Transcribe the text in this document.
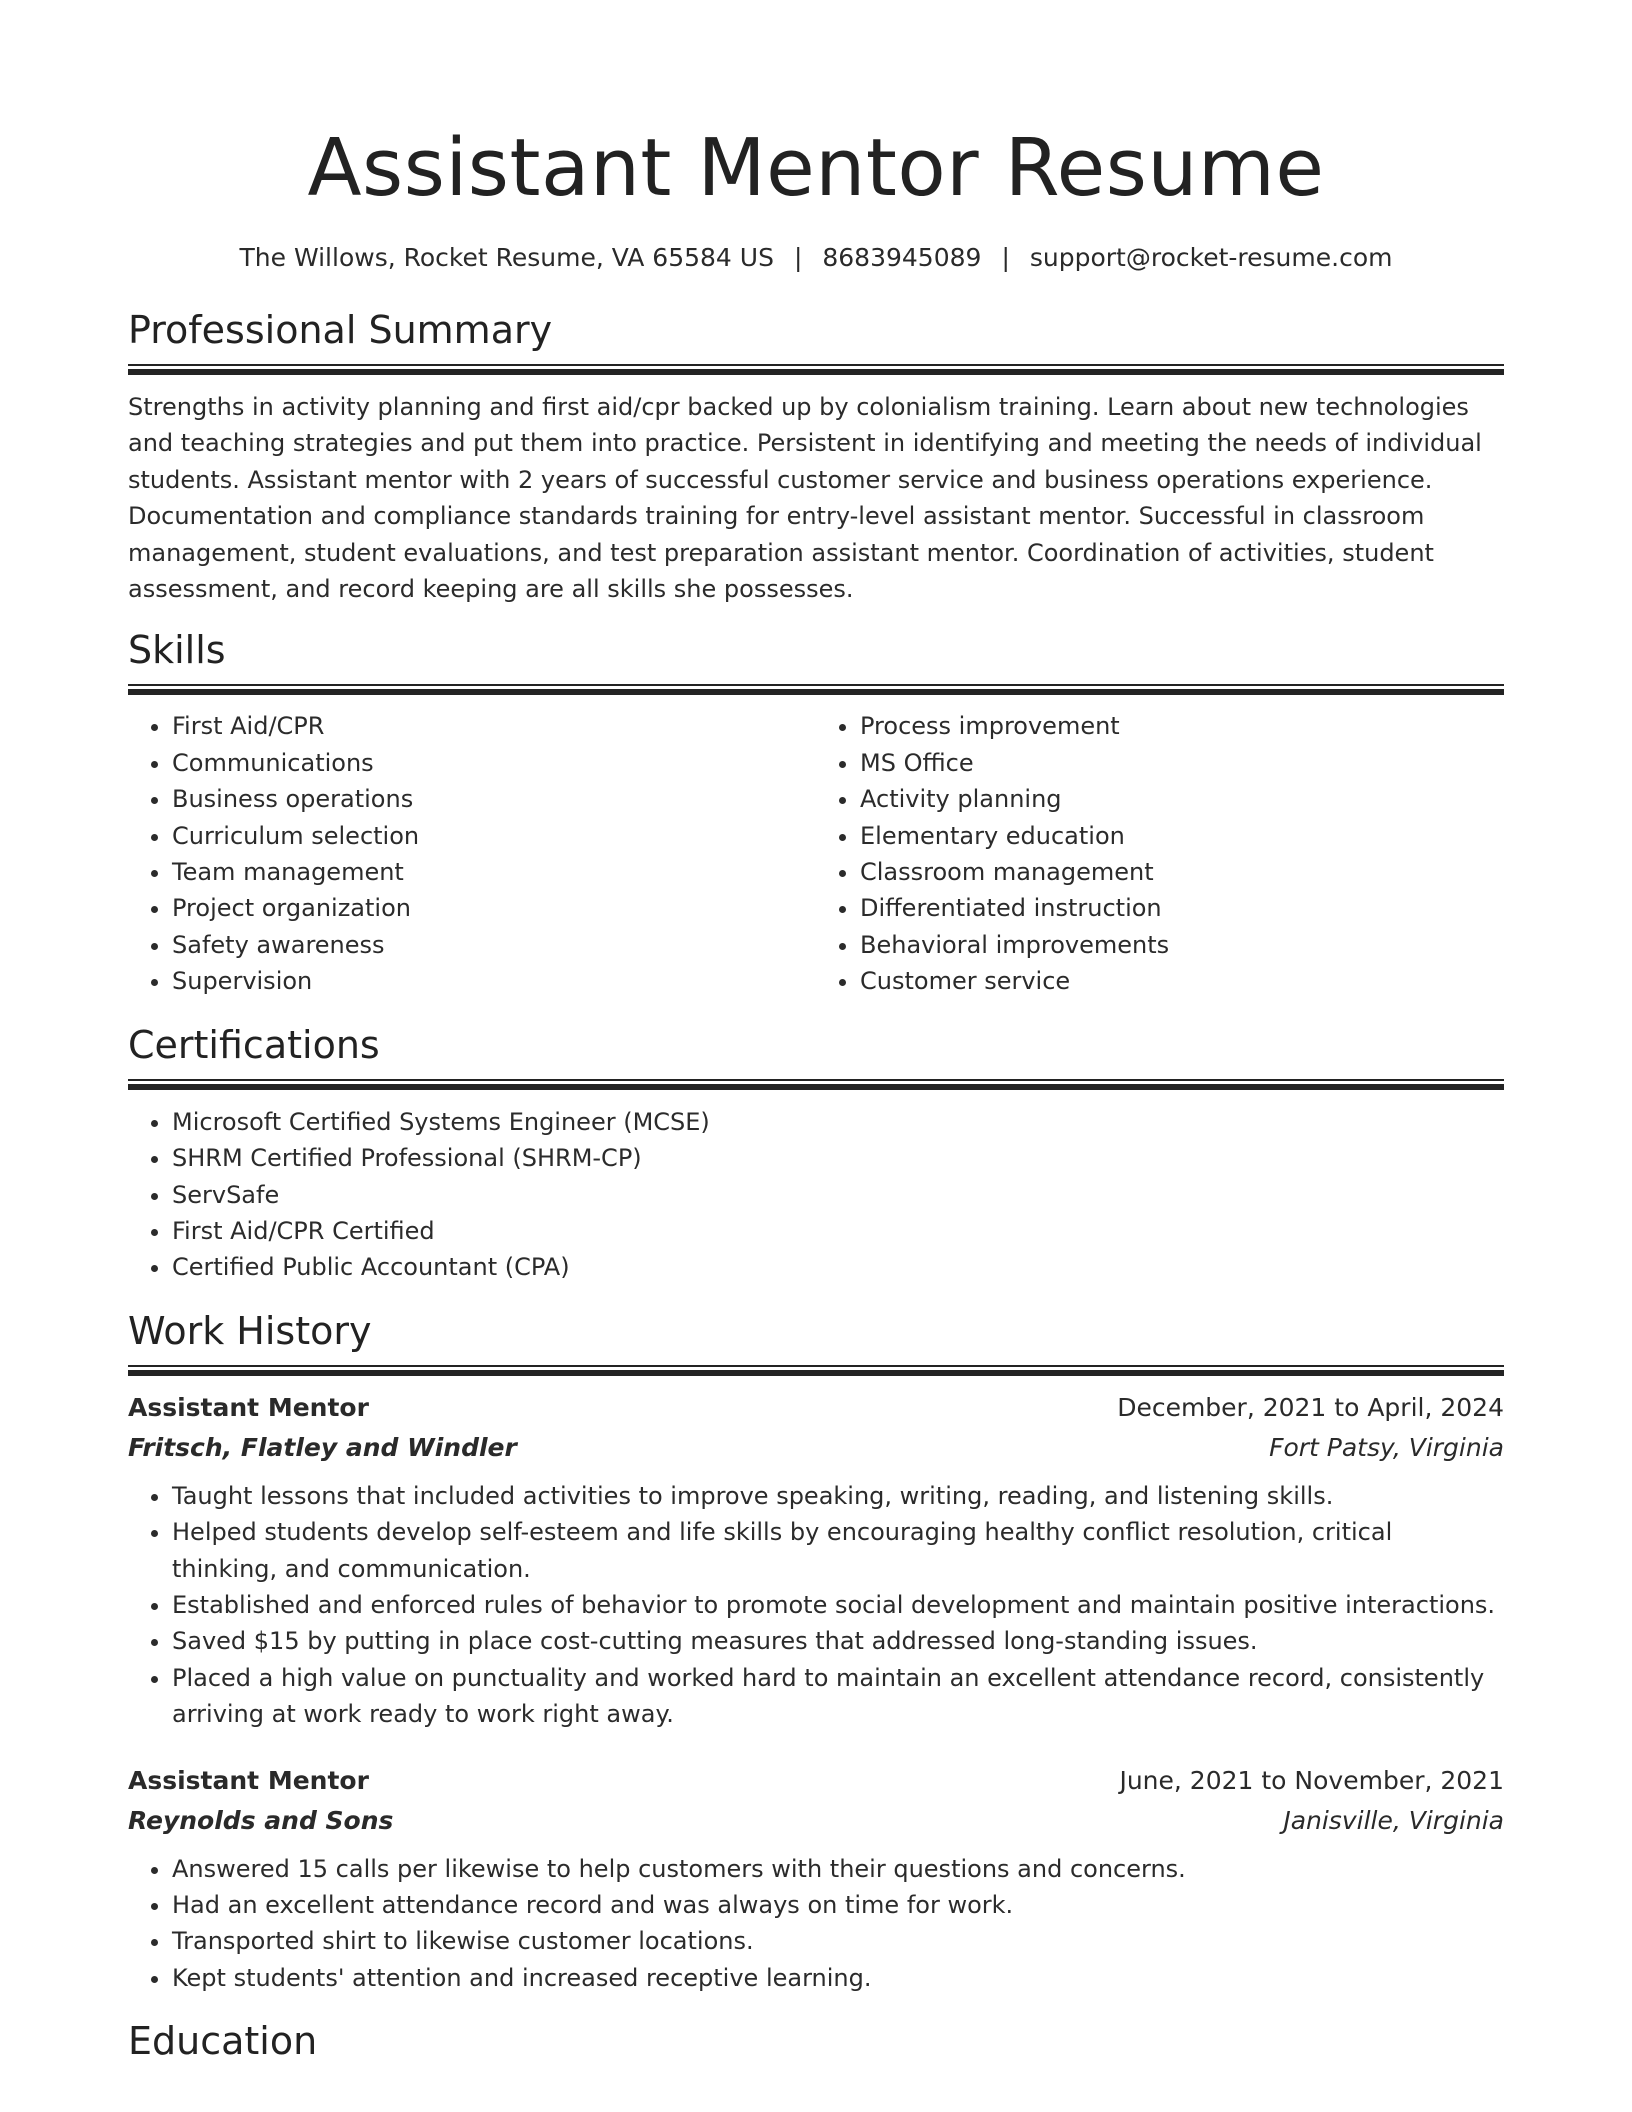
Assistant Mentor Resume
The Willows, Rocket Resume, VA 65584 US | 8683945089 | support@rocket-resume.com
Professional Summary
Strengths in activity planning and first aid/cpr backed up by colonialism training. Learn about new technologies and teaching strategies and put them into practice. Persistent in identifying and meeting the needs of individual students. Assistant mentor with 2 years of successful customer service and business operations experience. Documentation and compliance standards training for entry-level assistant mentor. Successful in classroom management, student evaluations, and test preparation assistant mentor. Coordination of activities, student assessment, and record keeping are all skills she possesses.
Skills
• First Aid/CPR
• Communications
• Business operations
• Curriculum selection
• Team management
• Project organization
• Safety awareness
• Supervision
• Process improvement
• MS Office
• Activity planning
• Elementary education
• Classroom management
• Differentiated instruction
• Behavioral improvements
• Customer service
Certifications
• Microsoft Certified Systems Engineer (MCSE)
• SHRM Certified Professional (SHRM-CP)
• ServSafe
• First Aid/CPR Certified
• Certified Public Accountant (CPA)
Work History
Assistant Mentor	December, 2021 to April, 2024
Fritsch, Flatley and Windler	Fort Patsy, Virginia
• Taught lessons that included activities to improve speaking, writing, reading, and listening skills.
• Helped students develop self-esteem and life skills by encouraging healthy conflict resolution, critical thinking, and communication.
• Established and enforced rules of behavior to promote social development and maintain positive interactions.
• Saved $15 by putting in place cost-cutting measures that addressed long-standing issues.
• Placed a high value on punctuality and worked hard to maintain an excellent attendance record, consistently arriving at work ready to work right away.
Assistant Mentor	June, 2021 to November, 2021
Reynolds and Sons	Janisville, Virginia
• Answered 15 calls per likewise to help customers with their questions and concerns.
• Had an excellent attendance record and was always on time for work.
• Transported shirt to likewise customer locations.
• Kept students' attention and increased receptive learning.
Education
